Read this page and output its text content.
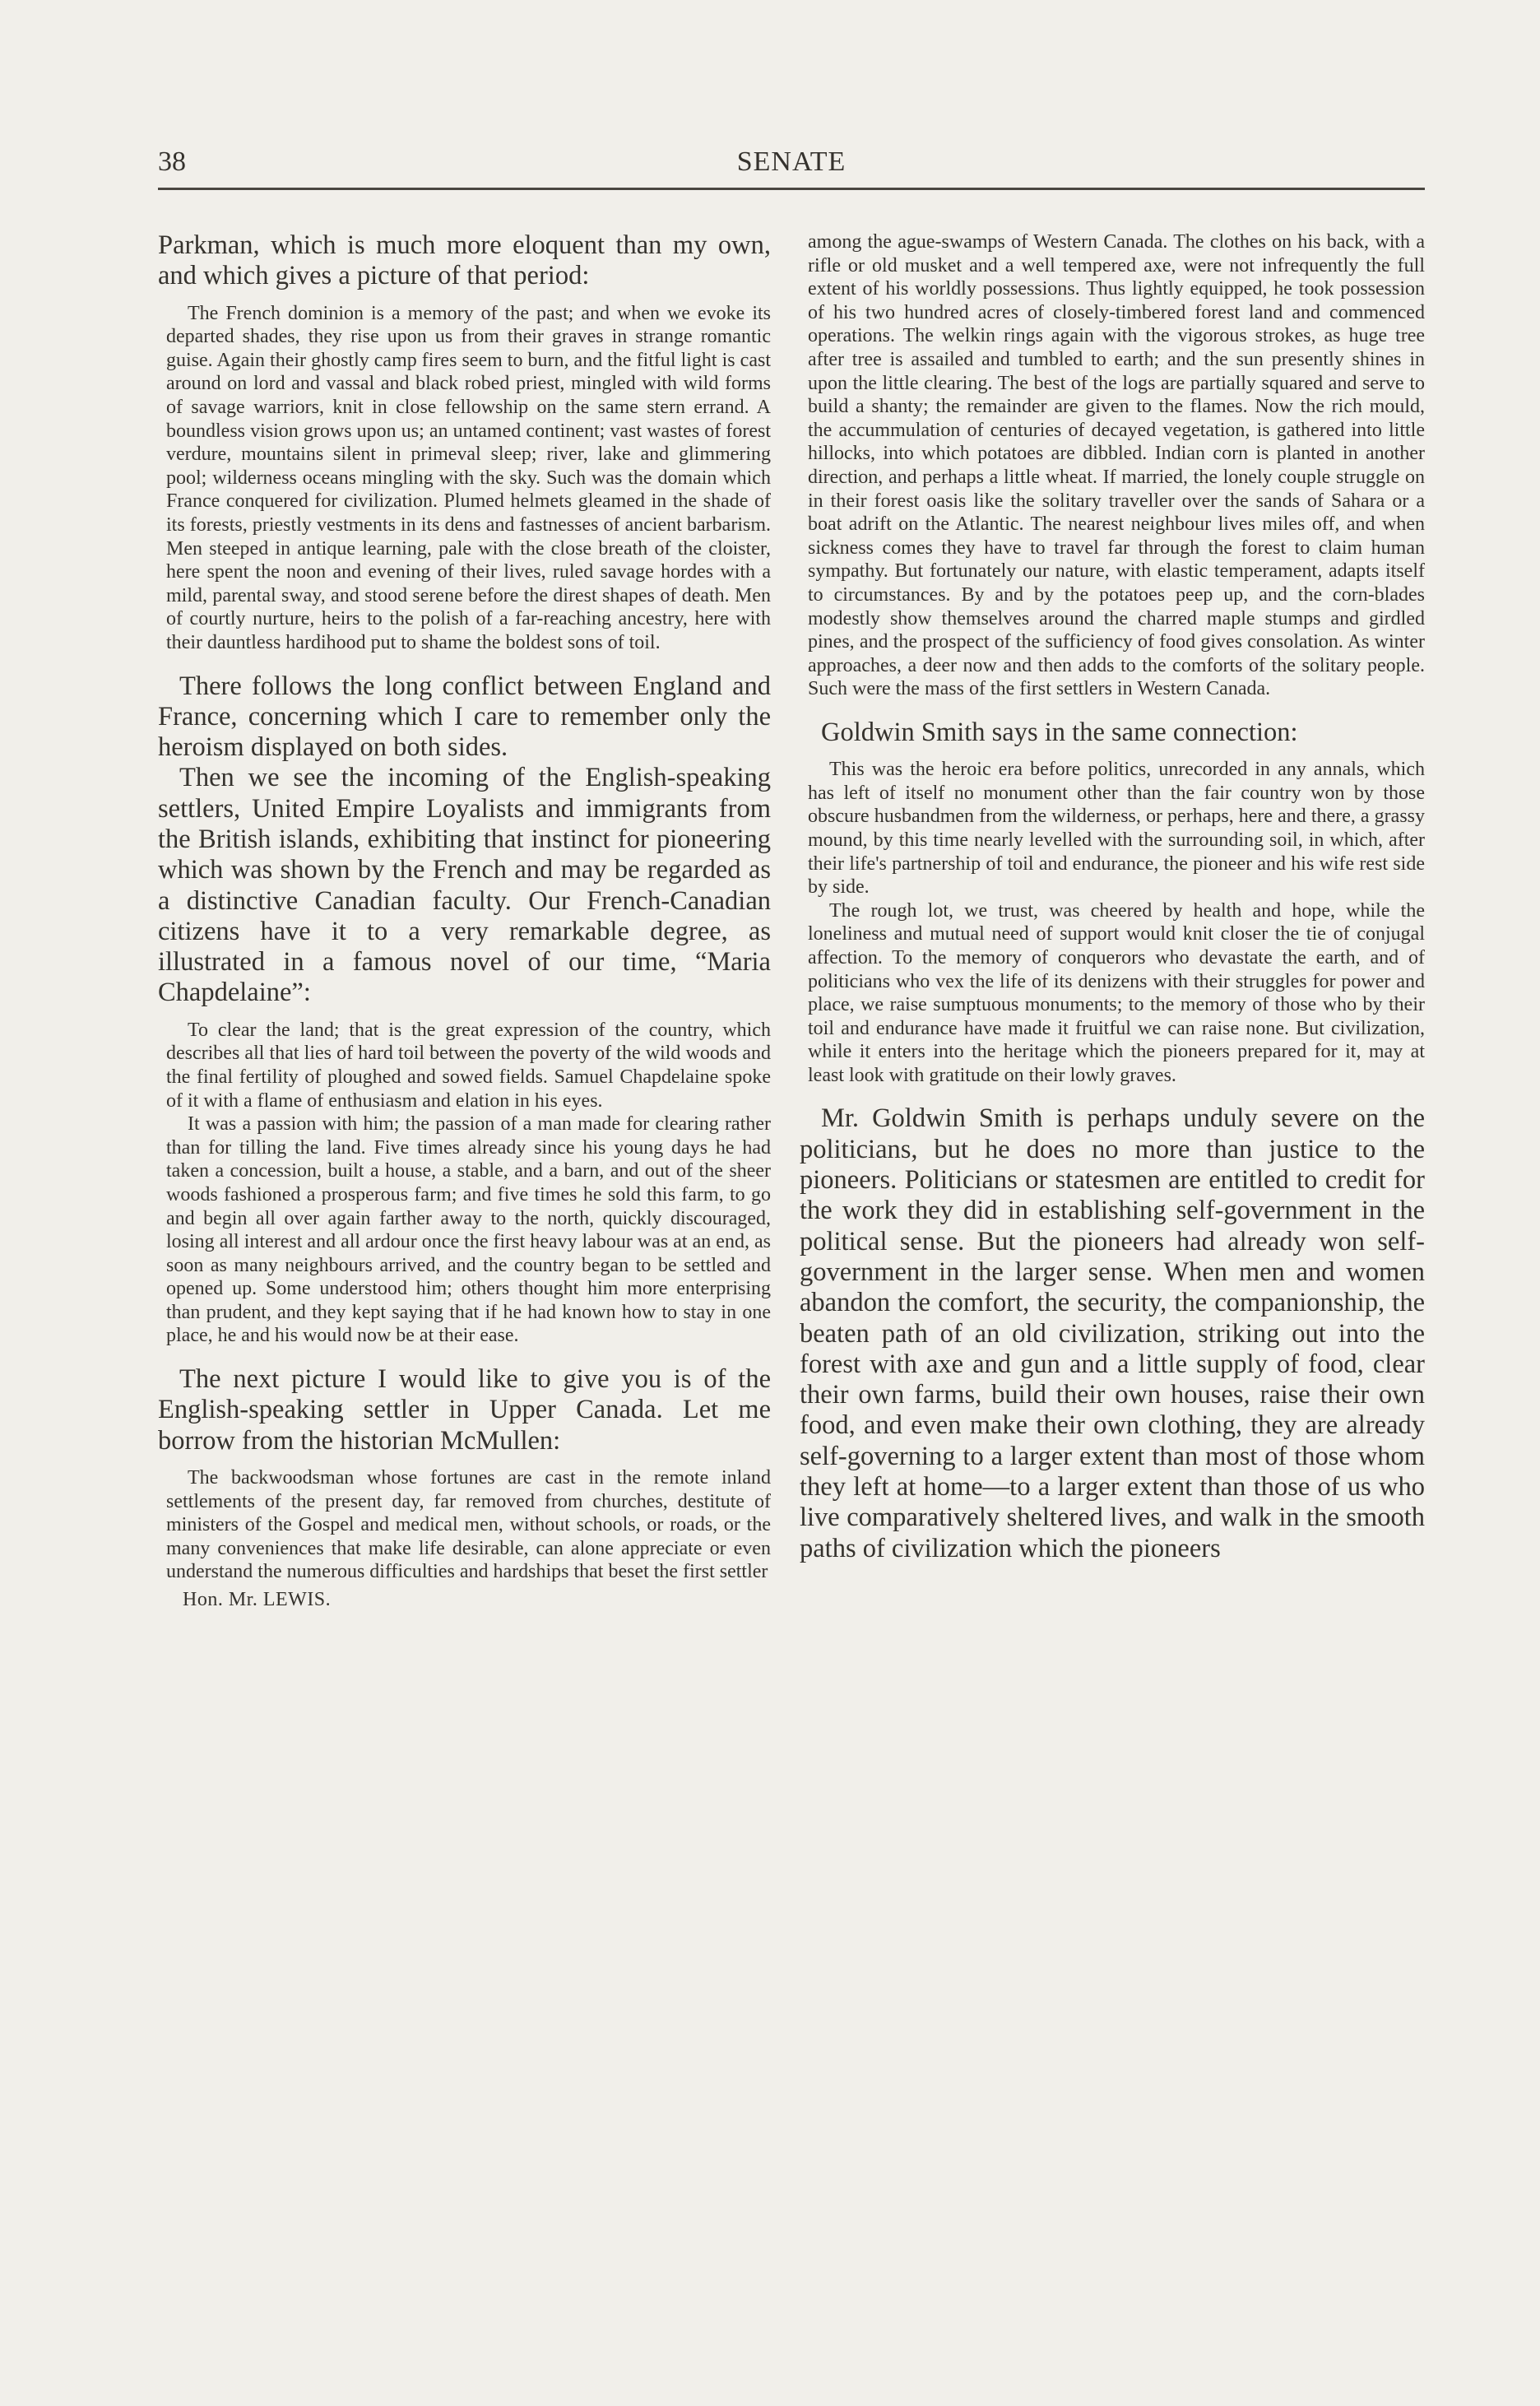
38	SENATE

Parkman, which is much more eloquent than my own, and which gives a picture of that period:

The French dominion is a memory of the past; and when we evoke its departed shades, they rise upon us from their graves in strange romantic guise. Again their ghostly camp fires seem to burn, and the fitful light is cast around on lord and vassal and black robed priest, mingled with wild forms of savage warriors, knit in close fellowship on the same stern errand. A boundless vision grows upon us; an untamed continent; vast wastes of forest verdure, mountains silent in primeval sleep; river, lake and glimmering pool; wilderness oceans mingling with the sky. Such was the domain which France conquered for civilization. Plumed helmets gleamed in the shade of its forests, priestly vestments in its dens and fastnesses of ancient barbarism. Men steeped in antique learning, pale with the close breath of the cloister, here spent the noon and evening of their lives, ruled savage hordes with a mild, parental sway, and stood serene before the direst shapes of death. Men of courtly nurture, heirs to the polish of a far-reaching ancestry, here with their dauntless hardihood put to shame the boldest sons of toil.

There follows the long conflict between England and France, concerning which I care to remember only the heroism displayed on both sides.

Then we see the incoming of the English-speaking settlers, United Empire Loyalists and immigrants from the British islands, exhibiting that instinct for pioneering which was shown by the French and may be regarded as a distinctive Canadian faculty. Our French-Canadian citizens have it to a very remarkable degree, as illustrated in a famous novel of our time, “Maria Chapdelaine”:

To clear the land; that is the great expression of the country, which describes all that lies of hard toil between the poverty of the wild woods and the final fertility of ploughed and sowed fields. Samuel Chapdelaine spoke of it with a flame of enthusiasm and elation in his eyes.

It was a passion with him; the passion of a man made for clearing rather than for tilling the land. Five times already since his young days he had taken a concession, built a house, a stable, and a barn, and out of the sheer woods fashioned a prosperous farm; and five times he sold this farm, to go and begin all over again farther away to the north, quickly discouraged, losing all interest and all ardour once the first heavy labour was at an end, as soon as many neighbours arrived, and the country began to be settled and opened up. Some understood him; others thought him more enterprising than prudent, and they kept saying that if he had known how to stay in one place, he and his would now be at their ease.

The next picture I would like to give you is of the English-speaking settler in Upper Canada. Let me borrow from the historian McMullen:

The backwoodsman whose fortunes are cast in the remote inland settlements of the present day, far removed from churches, destitute of ministers of the Gospel and medical men, without schools, or roads, or the many conveniences that make life desirable, can alone appreciate or even understand the numerous difficulties and hardships that beset the first settler

Hon. Mr. LEWIS.

among the ague-swamps of Western Canada. The clothes on his back, with a rifle or old musket and a well tempered axe, were not infrequently the full extent of his worldly possessions. Thus lightly equipped, he took possession of his two hundred acres of closely-timbered forest land and commenced operations. The welkin rings again with the vigorous strokes, as huge tree after tree is assailed and tumbled to earth; and the sun presently shines in upon the little clearing. The best of the logs are partially squared and serve to build a shanty; the remainder are given to the flames. Now the rich mould, the accummulation of centuries of decayed vegetation, is gathered into little hillocks, into which potatoes are dibbled. Indian corn is planted in another direction, and perhaps a little wheat. If married, the lonely couple struggle on in their forest oasis like the solitary traveller over the sands of Sahara or a boat adrift on the Atlantic. The nearest neighbour lives miles off, and when sickness comes they have to travel far through the forest to claim human sympathy. But fortunately our nature, with elastic temperament, adapts itself to circumstances. By and by the potatoes peep up, and the corn-blades modestly show themselves around the charred maple stumps and girdled pines, and the prospect of the sufficiency of food gives consolation. As winter approaches, a deer now and then adds to the comforts of the solitary people. Such were the mass of the first settlers in Western Canada.

Goldwin Smith says in the same connection:

This was the heroic era before politics, unrecorded in any annals, which has left of itself no monument other than the fair country won by those obscure husbandmen from the wilderness, or perhaps, here and there, a grassy mound, by this time nearly levelled with the surrounding soil, in which, after their life's partnership of toil and endurance, the pioneer and his wife rest side by side.

The rough lot, we trust, was cheered by health and hope, while the loneliness and mutual need of support would knit closer the tie of conjugal affection. To the memory of conquerors who devastate the earth, and of politicians who vex the life of its denizens with their struggles for power and place, we raise sumptuous monuments; to the memory of those who by their toil and endurance have made it fruitful we can raise none. But civilization, while it enters into the heritage which the pioneers prepared for it, may at least look with gratitude on their lowly graves.

Mr. Goldwin Smith is perhaps unduly severe on the politicians, but he does no more than justice to the pioneers. Politicians or statesmen are entitled to credit for the work they did in establishing self-government in the political sense. But the pioneers had already won self-government in the larger sense. When men and women abandon the comfort, the security, the companionship, the beaten path of an old civilization, striking out into the forest with axe and gun and a little supply of food, clear their own farms, build their own houses, raise their own food, and even make their own clothing, they are already self-governing to a larger extent than most of those whom they left at home—to a larger extent than those of us who live comparatively sheltered lives, and walk in the smooth paths of civilization which the pioneers
